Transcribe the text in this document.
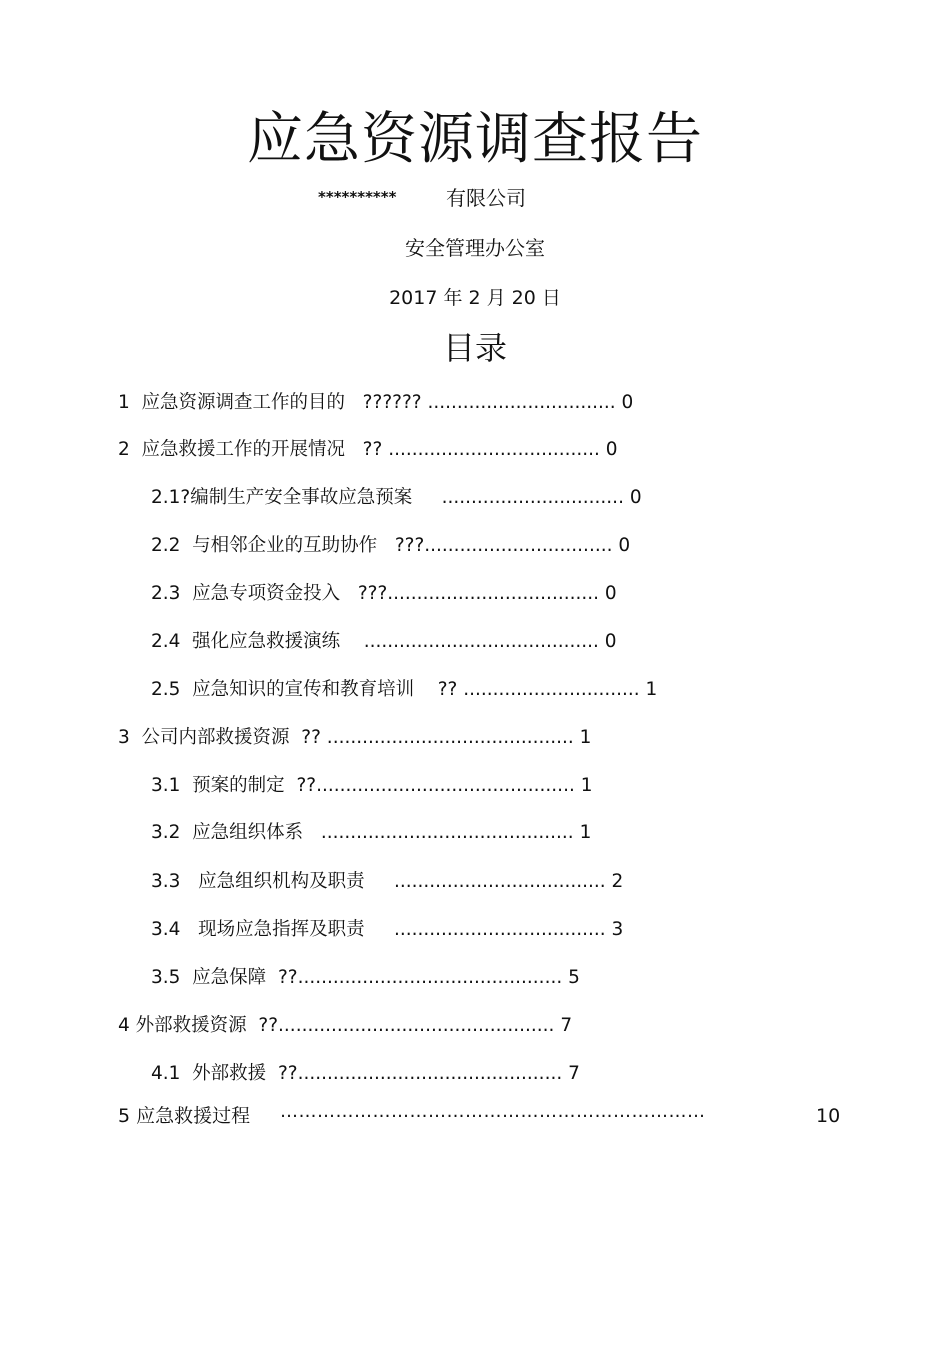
应急资源调查报告
********** 有限公司
安全管理办公室
2017 年 2 月 20 日
目录
1  应急资源调查工作的目的   ?????? ................................ 0
2  应急救援工作的开展情况   ?? .................................... 0
2.1?编制生产安全事故应急预案     ............................... 0
2.2  与相邻企业的互助协作   ???................................ 0
2.3  应急专项资金投入   ???.................................... 0
2.4  强化应急救援演练    ........................................ 0
2.5  应急知识的宣传和教育培训    ?? .............................. 1
3  公司内部救援资源  ?? .......................................... 1
3.1  预案的制定  ??............................................ 1
3.2  应急组织体系   ........................................... 1
3.3   应急组织机构及职责     .................................... 2
3.4   现场应急指挥及职责     .................................... 3
3.5  应急保障  ??............................................. 5
4 外部救援资源  ??............................................... 7
4.1  外部救援  ??............................................. 7
5 应急救援过程 ……………………………………………………………	10
